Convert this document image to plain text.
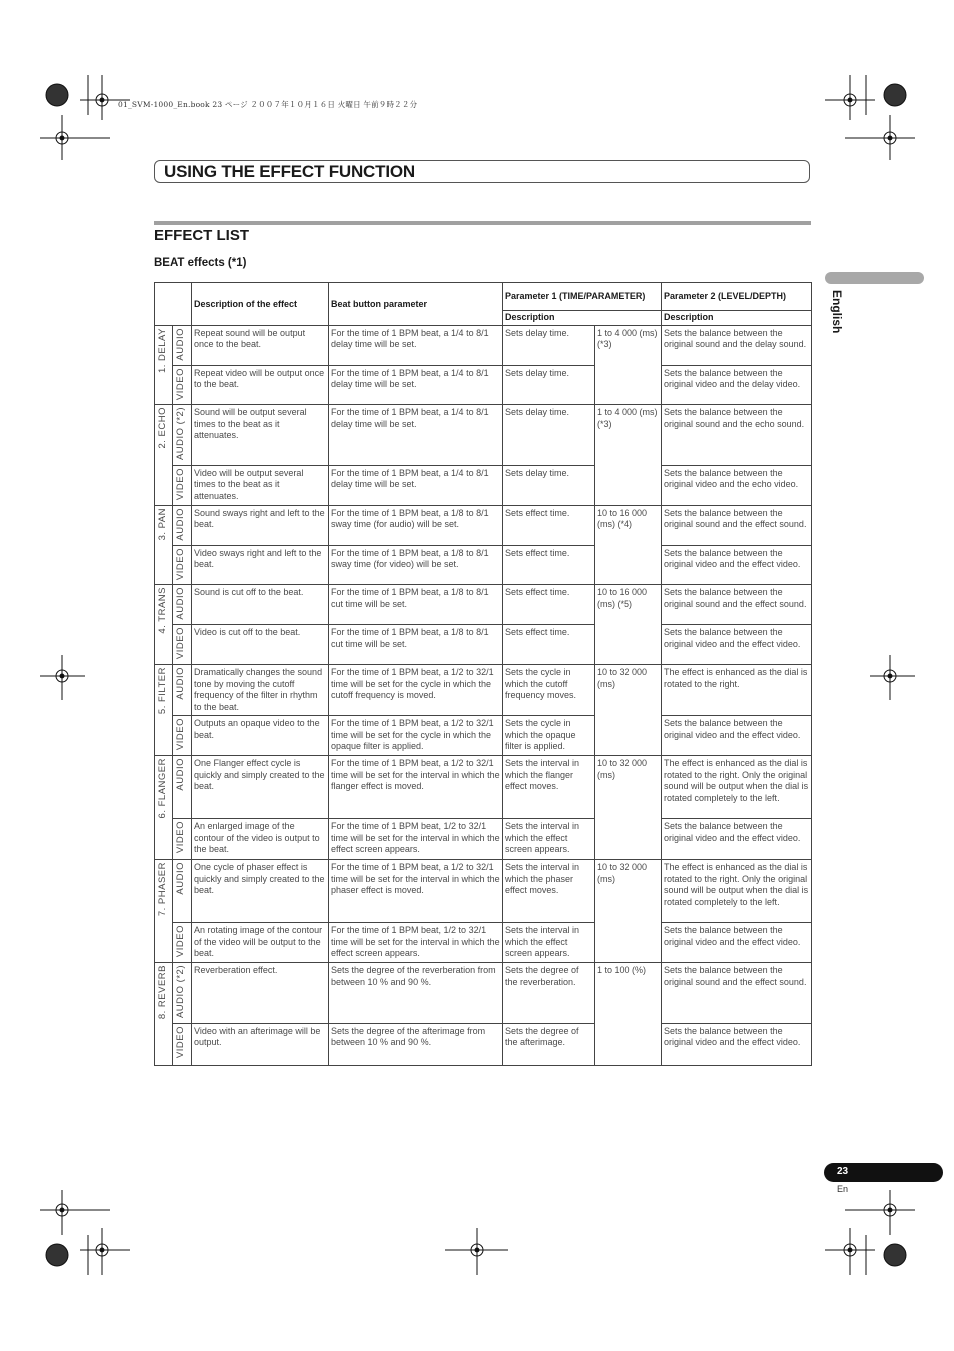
01_SVM-1000_En.book 23 ページ ２００７年１０月１６日 火曜日 午前９時２２分
USING THE EFFECT FUNCTION
EFFECT LIST
BEAT effects (*1)
English
		Description of the effect	Beat button parameter	Parameter 1 (TIME/PARAMETER)		Parameter 2 (LEVEL/DEPTH)
				Description		Description
1. DELAY	AUDIO	Repeat sound will be output once to the beat.	For the time of 1 BPM beat, a 1/4 to 8/1 delay time will be set.	Sets delay time.	1 to 4 000 (ms) (*3)	Sets the balance between the original sound and the delay sound.
	VIDEO	Repeat video will be output once to the beat.	For the time of 1 BPM beat, a 1/4 to 8/1 delay time will be set.	Sets delay time.		Sets the balance between the original video and the delay video.
2. ECHO	AUDIO (*2)	Sound will be output several times to the beat as it attenuates.	For the time of 1 BPM beat, a 1/4 to 8/1 delay time will be set.	Sets delay time.	1 to 4 000 (ms) (*3)	Sets the balance between the original sound and the echo sound.
	VIDEO	Video will be output several times to the beat as it attenuates.	For the time of 1 BPM beat, a 1/4 to 8/1 delay time will be set.	Sets delay time.		Sets the balance between the original video and the echo video.
3. PAN	AUDIO	Sound sways right and left to the beat.	For the time of 1 BPM beat, a 1/8 to 8/1 sway time (for audio) will be set.	Sets effect time.	10 to 16 000 (ms) (*4)	Sets the balance between the original sound and the effect sound.
	VIDEO	Video sways right and left to the beat.	For the time of 1 BPM beat, a 1/8 to 8/1 sway time (for video) will be set.	Sets effect time.		Sets the balance between the original video and the effect video.
4. TRANS	AUDIO	Sound is cut off to the beat.	For the time of 1 BPM beat, a 1/8 to 8/1 cut time will be set.	Sets effect time.	10 to 16 000 (ms) (*5)	Sets the balance between the original sound and the effect sound.
	VIDEO	Video is cut off to the beat.	For the time of 1 BPM beat, a 1/8 to 8/1 cut time will be set.	Sets effect time.		Sets the balance between the original video and the effect video.
5. FILTER	AUDIO	Dramatically changes the sound tone by moving the cutoff frequency of the filter in rhythm to the beat.	For the time of 1 BPM beat, a 1/2 to 32/1 time will be set for the cycle in which the cutoff frequency is moved.	Sets the cycle in which the cutoff frequency moves.	10 to 32 000 (ms)	The effect is enhanced as the dial is rotated to the right.
	VIDEO	Outputs an opaque video to the beat.	For the time of 1 BPM beat, a 1/2 to 32/1 time will be set for the cycle in which the opaque filter is applied.	Sets the cycle in which the opaque filter is applied.		Sets the balance between the original video and the effect video.
6. FLANGER	AUDIO	One Flanger effect cycle is quickly and simply created to the beat.	For the time of 1 BPM beat, a 1/2 to 32/1 time will be set for the interval in which the flanger effect is moved.	Sets the interval in which the flanger effect moves.	10 to 32 000 (ms)	The effect is enhanced as the dial is rotated to the right. Only the original sound will be output when the dial is rotated completely to the left.
	VIDEO	An enlarged image of the contour of the video is output to the beat.	For the time of 1 BPM beat, 1/2 to 32/1 time will be set for the interval in which the effect screen appears.	Sets the interval in which the effect screen appears.		Sets the balance between the original video and the effect video.
7. PHASER	AUDIO	One cycle of phaser effect is quickly and simply created to the beat.	For the time of 1 BPM beat, a 1/2 to 32/1 time will be set for the interval in which the phaser effect is moved.	Sets the interval in which the phaser effect moves.	10 to 32 000 (ms)	The effect is enhanced as the dial is rotated to the right. Only the original sound will be output when the dial is rotated completely to the left.
	VIDEO	An rotating image of the contour of the video will be output to the beat.	For the time of 1 BPM beat, 1/2 to 32/1 time will be set for the interval in which the effect screen appears.	Sets the interval in which the effect screen appears.		Sets the balance between the original video and the effect video.
8. REVERB	AUDIO (*2)	Reverberation effect.	Sets the degree of the reverberation from between 10 % and 90 %.	Sets the degree of the reverberation.	1 to 100 (%)	Sets the balance between the original sound and the effect sound.
	VIDEO	Video with an afterimage will be output.	Sets the degree of the afterimage from between 10 % and 90 %.	Sets the degree of the afterimage.		Sets the balance between the original video and the effect video.
23
En
